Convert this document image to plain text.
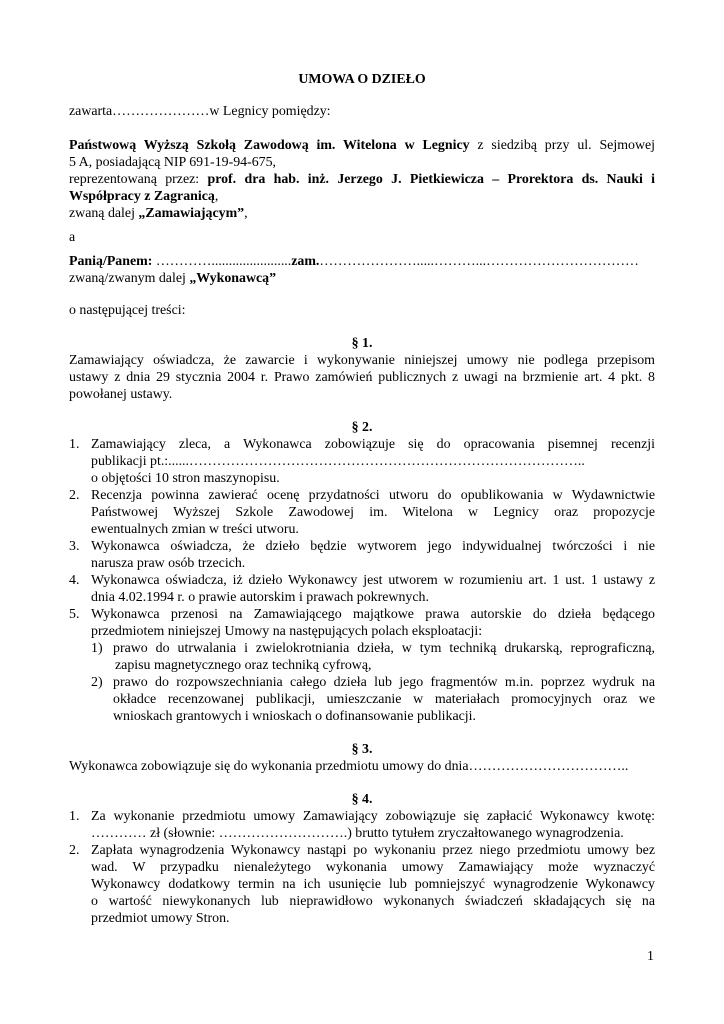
UMOWA O DZIEŁO
zawarta…………………w Legnicy pomiędzy:
Państwową Wyższą Szkołą Zawodową im. Witelona w Legnicy z siedzibą przy ul. Sejmowej
5 A, posiadającą NIP 691-19-94-675,
reprezentowaną przez: prof. dra hab. inż. Jerzego J. Pietkiewicza – Prorektora ds. Nauki i
Współpracy z Zagranicą,
zwaną dalej „Zamawiającym”,
a
Panią/Panem: ………….......................zam.………………….....………...……………………………
zwaną/zwanym dalej „Wykonawcą”
o następującej treści:
§ 1.
Zamawiający oświadcza, że zawarcie i wykonywanie niniejszej umowy nie podlega przepisom
ustawy z dnia 29 stycznia 2004 r. Prawo zamówień publicznych z uwagi na brzmienie art. 4 pkt. 8
powołanej ustawy.
§ 2.
1. Zamawiający zleca, a Wykonawca zobowiązuje się do opracowania pisemnej recenzji
publikacji pt.:......…………………………………………………………………………..
o objętości 10 stron maszynopisu.
2. Recenzja powinna zawierać ocenę przydatności utworu do opublikowania w Wydawnictwie
Państwowej Wyższej Szkole Zawodowej im. Witelona w Legnicy oraz propozycje
ewentualnych zmian w treści utworu.
3. Wykonawca oświadcza, że dzieło będzie wytworem jego indywidualnej twórczości i nie
narusza praw osób trzecich.
4. Wykonawca oświadcza, iż dzieło Wykonawcy jest utworem w rozumieniu art. 1 ust. 1 ustawy z
dnia 4.02.1994 r. o prawie autorskim i prawach pokrewnych.
5. Wykonawca przenosi na Zamawiającego majątkowe prawa autorskie do dzieła będącego
przedmiotem niniejszej Umowy na następujących polach eksploatacji:
1) prawo do utrwalania i zwielokrotniania dzieła, w tym techniką drukarską, reprograficzną,
zapisu magnetycznego oraz techniką cyfrową,
2) prawo do rozpowszechniania całego dzieła lub jego fragmentów m.in. poprzez wydruk na
okładce recenzowanej publikacji, umieszczanie w materiałach promocyjnych oraz we
wnioskach grantowych i wnioskach o dofinansowanie publikacji.
§ 3.
Wykonawca zobowiązuje się do wykonania przedmiotu umowy do dnia……………………………..
§ 4.
1. Za wykonanie przedmiotu umowy Zamawiający zobowiązuje się zapłacić Wykonawcy kwotę:
………… zł (słownie: ……………………….) brutto tytułem zryczałtowanego wynagrodzenia.
2. Zapłata wynagrodzenia Wykonawcy nastąpi po wykonaniu przez niego przedmiotu umowy bez
wad. W przypadku nienależytego wykonania umowy Zamawiający może wyznaczyć
Wykonawcy dodatkowy termin na ich usunięcie lub pomniejszyć wynagrodzenie Wykonawcy
o wartość niewykonanych lub nieprawidłowo wykonanych świadczeń składających się na
przedmiot umowy Stron.
1
